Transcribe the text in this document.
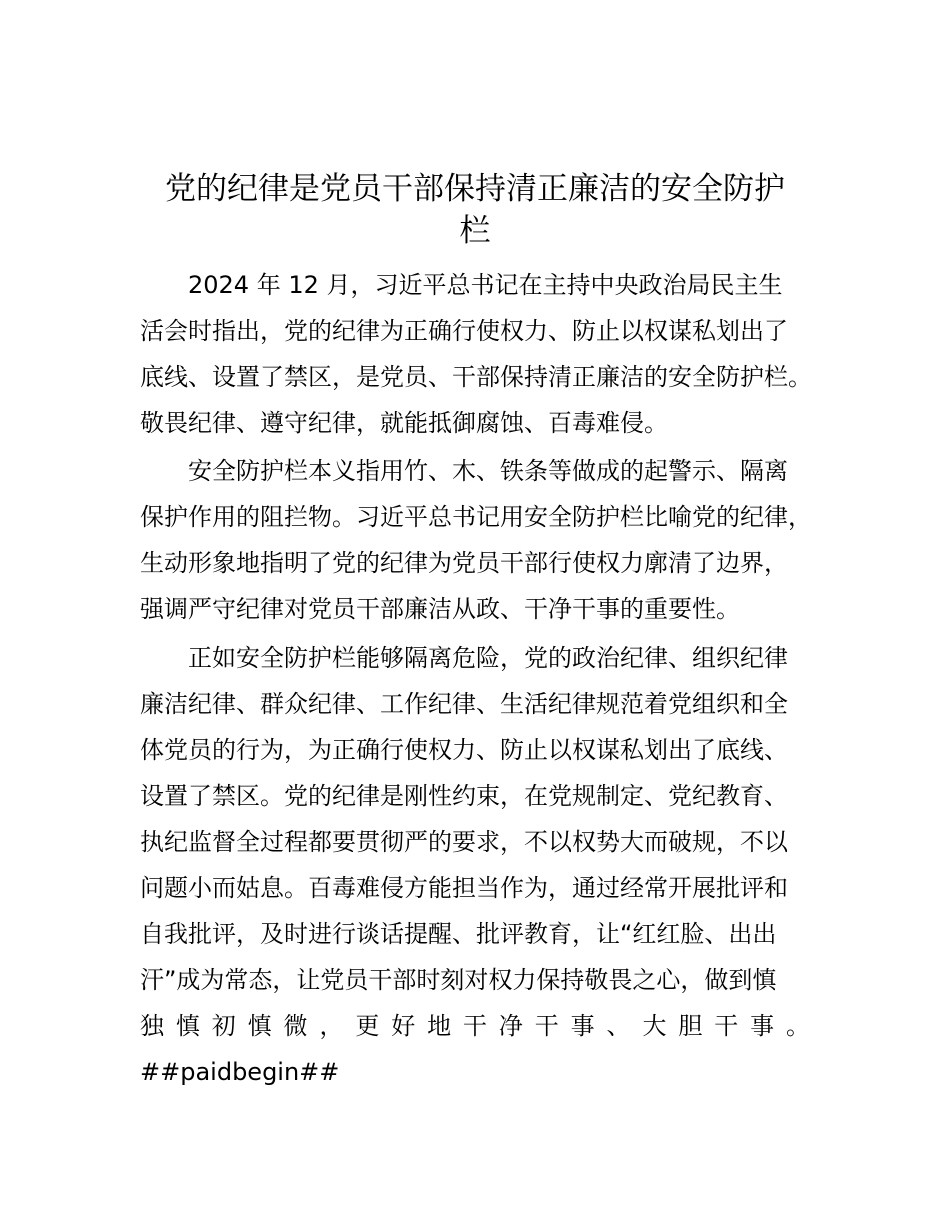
党的纪律是党员干部保持清正廉洁的安全防护
栏

　　2024 年 12 月，习近平总书记在主持中央政治局民主生

活会时指出，党的纪律为正确行使权力、防止以权谋私划出了

底线、设置了禁区，是党员、干部保持清正廉洁的安全防护栏。

敬畏纪律、遵守纪律，就能抵御腐蚀、百毒难侵。

　　安全防护栏本义指用竹、木、铁条等做成的起警示、隔离

保护作用的阻拦物。习近平总书记用安全防护栏比喻党的纪律，

生动形象地指明了党的纪律为党员干部行使权力廓清了边界，

强调严守纪律对党员干部廉洁从政、干净干事的重要性。

　　正如安全防护栏能够隔离危险，党的政治纪律、组织纪律

廉洁纪律、群众纪律、工作纪律、生活纪律规范着党组织和全

体党员的行为，为正确行使权力、防止以权谋私划出了底线、

设置了禁区。党的纪律是刚性约束，在党规制定、党纪教育、

执纪监督全过程都要贯彻严的要求，不以权势大而破规，不以

问题小而姑息。百毒难侵方能担当作为，通过经常开展批评和

自我批评，及时进行谈话提醒、批评教育，让“红红脸、出出

汗”成为常态，让党员干部时刻对权力保持敬畏之心，做到慎

独慎初慎微，更好地干净干事、大胆干事。

##paidbegin##
